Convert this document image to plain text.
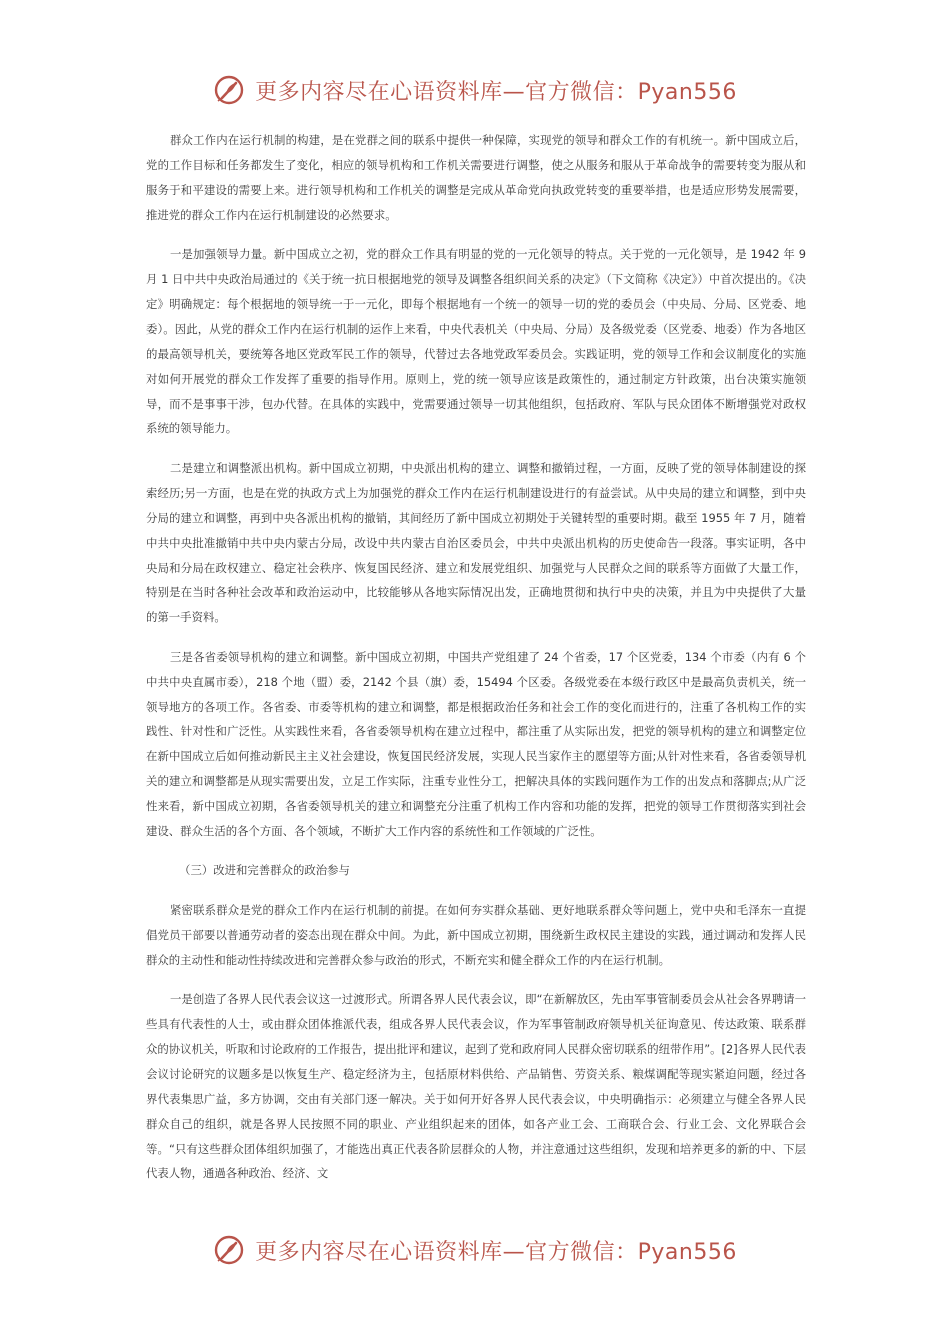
更多内容尽在心语资料库—官方微信：Pyan556

群众工作内在运行机制的构建，是在党群之间的联系中提供一种保障，实现党的领导和群众工作的有机统一。新中国成立后，党的工作目标和任务都发生了变化，相应的领导机构和工作机关需要进行调整，使之从服务和服从于革命战争的需要转变为服从和服务于和平建设的需要上来。进行领导机构和工作机关的调整是完成从革命党向执政党转变的重要举措，也是适应形势发展需要，推进党的群众工作内在运行机制建设的必然要求。

一是加强领导力量。新中国成立之初，党的群众工作具有明显的党的一元化领导的特点。关于党的一元化领导，是 1942 年 9 月 1 日中共中央政治局通过的《关于统一抗日根据地党的领导及调整各组织间关系的决定》（下文简称《决定》）中首次提出的。《决定》明确规定：每个根据地的领导统一于一元化，即每个根据地有一个统一的领导一切的党的委员会（中央局、分局、区党委、地委）。因此，从党的群众工作内在运行机制的运作上来看，中央代表机关（中央局、分局）及各级党委（区党委、地委）作为各地区的最高领导机关，要统筹各地区党政军民工作的领导，代替过去各地党政军委员会。实践证明，党的领导工作和会议制度化的实施对如何开展党的群众工作发挥了重要的指导作用。原则上，党的统一领导应该是政策性的，通过制定方针政策，出台决策实施领导，而不是事事干涉，包办代替。在具体的实践中，党需要通过领导一切其他组织，包括政府、军队与民众团体不断增强党对政权系统的领导能力。

二是建立和调整派出机构。新中国成立初期，中央派出机构的建立、调整和撤销过程，一方面，反映了党的领导体制建设的探索经历;另一方面，也是在党的执政方式上为加强党的群众工作内在运行机制建设进行的有益尝试。从中央局的建立和调整，到中央分局的建立和调整，再到中央各派出机构的撤销，其间经历了新中国成立初期处于关键转型的重要时期。截至 1955 年 7 月，随着中共中央批准撤销中共中央内蒙古分局，改设中共内蒙古自治区委员会，中共中央派出机构的历史使命告一段落。事实证明，各中央局和分局在政权建立、稳定社会秩序、恢复国民经济、建立和发展党组织、加强党与人民群众之间的联系等方面做了大量工作，特别是在当时各种社会改革和政治运动中，比较能够从各地实际情况出发，正确地贯彻和执行中央的决策，并且为中央提供了大量的第一手资料。

三是各省委领导机构的建立和调整。新中国成立初期，中国共产党组建了 24 个省委，17 个区党委，134 个市委（内有 6 个中共中央直属市委），218 个地（盟）委，2142 个县（旗）委，15494 个区委。各级党委在本级行政区中是最高负责机关，统一领导地方的各项工作。各省委、市委等机构的建立和调整，都是根据政治任务和社会工作的变化而进行的，注重了各机构工作的实践性、针对性和广泛性。从实践性来看，各省委领导机构在建立过程中，都注重了从实际出发，把党的领导机构的建立和调整定位在新中国成立后如何推动新民主主义社会建设，恢复国民经济发展，实现人民当家作主的愿望等方面;从针对性来看，各省委领导机关的建立和调整都是从现实需要出发，立足工作实际，注重专业性分工，把解决具体的实践问题作为工作的出发点和落脚点;从广泛性来看，新中国成立初期，各省委领导机关的建立和调整充分注重了机构工作内容和功能的发挥，把党的领导工作贯彻落实到社会建设、群众生活的各个方面、各个领域，不断扩大工作内容的系统性和工作领域的广泛性。

（三）改进和完善群众的政治参与

紧密联系群众是党的群众工作内在运行机制的前提。在如何夯实群众基础、更好地联系群众等问题上，党中央和毛泽东一直提倡党员干部要以普通劳动者的姿态出现在群众中间。为此，新中国成立初期，围绕新生政权民主建设的实践，通过调动和发挥人民群众的主动性和能动性持续改进和完善群众参与政治的形式，不断充实和健全群众工作的内在运行机制。

一是创造了各界人民代表会议这一过渡形式。所谓各界人民代表会议，即“在新解放区，先由军事管制委员会从社会各界聘请一些具有代表性的人士，或由群众团体推派代表，组成各界人民代表会议，作为军事管制政府领导机关征询意见、传达政策、联系群众的协议机关，听取和讨论政府的工作报告，提出批评和建议，起到了党和政府同人民群众密切联系的纽带作用”。[2]各界人民代表会议讨论研究的议题多是以恢复生产、稳定经济为主，包括原材料供给、产品销售、劳资关系、粮煤调配等现实紧迫问题，经过各界代表集思广益，多方协调，交由有关部门逐一解决。关于如何开好各界人民代表会议，中央明确指示：必须建立与健全各界人民群众自己的组织，就是各界人民按照不同的职业、产业组织起来的团体，如各产业工会、工商联合会、行业工会、文化界联合会等。“只有这些群众团体组织加强了，才能选出真正代表各阶层群众的人物，并注意通过这些组织，发现和培养更多的新的中、下层代表人物，通過各种政治、经济、文

更多内容尽在心语资料库—官方微信：Pyan556
